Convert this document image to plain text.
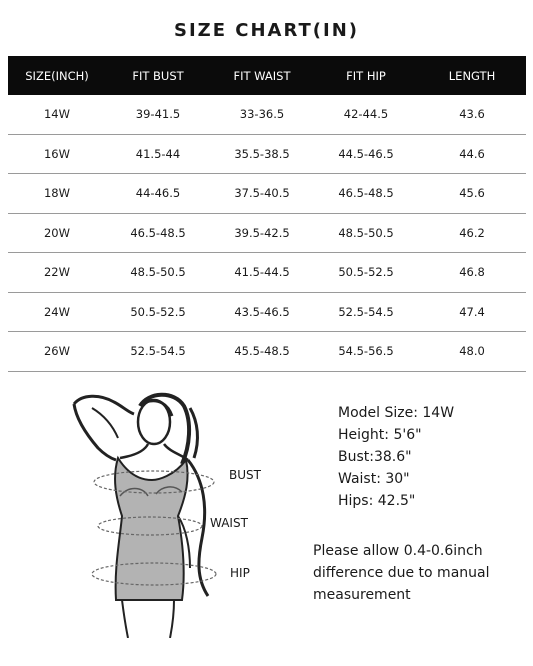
SIZE CHART(IN)
SIZE(INCH)	FIT BUST	FIT WAIST	FIT HIP	LENGTH
14W	39-41.5	33-36.5	42-44.5	43.6
16W	41.5-44	35.5-38.5	44.5-46.5	44.6
18W	44-46.5	37.5-40.5	46.5-48.5	45.6
20W	46.5-48.5	39.5-42.5	48.5-50.5	46.2
22W	48.5-50.5	41.5-44.5	50.5-52.5	46.8
24W	50.5-52.5	43.5-46.5	52.5-54.5	47.4
26W	52.5-54.5	45.5-48.5	54.5-56.5	48.0
BUST
WAIST
HIP
Model Size: 14W
Height: 5'6"
Bust:38.6"
Waist: 30"
Hips: 42.5"
Please allow 0.4-0.6inch difference due to manual measurement
